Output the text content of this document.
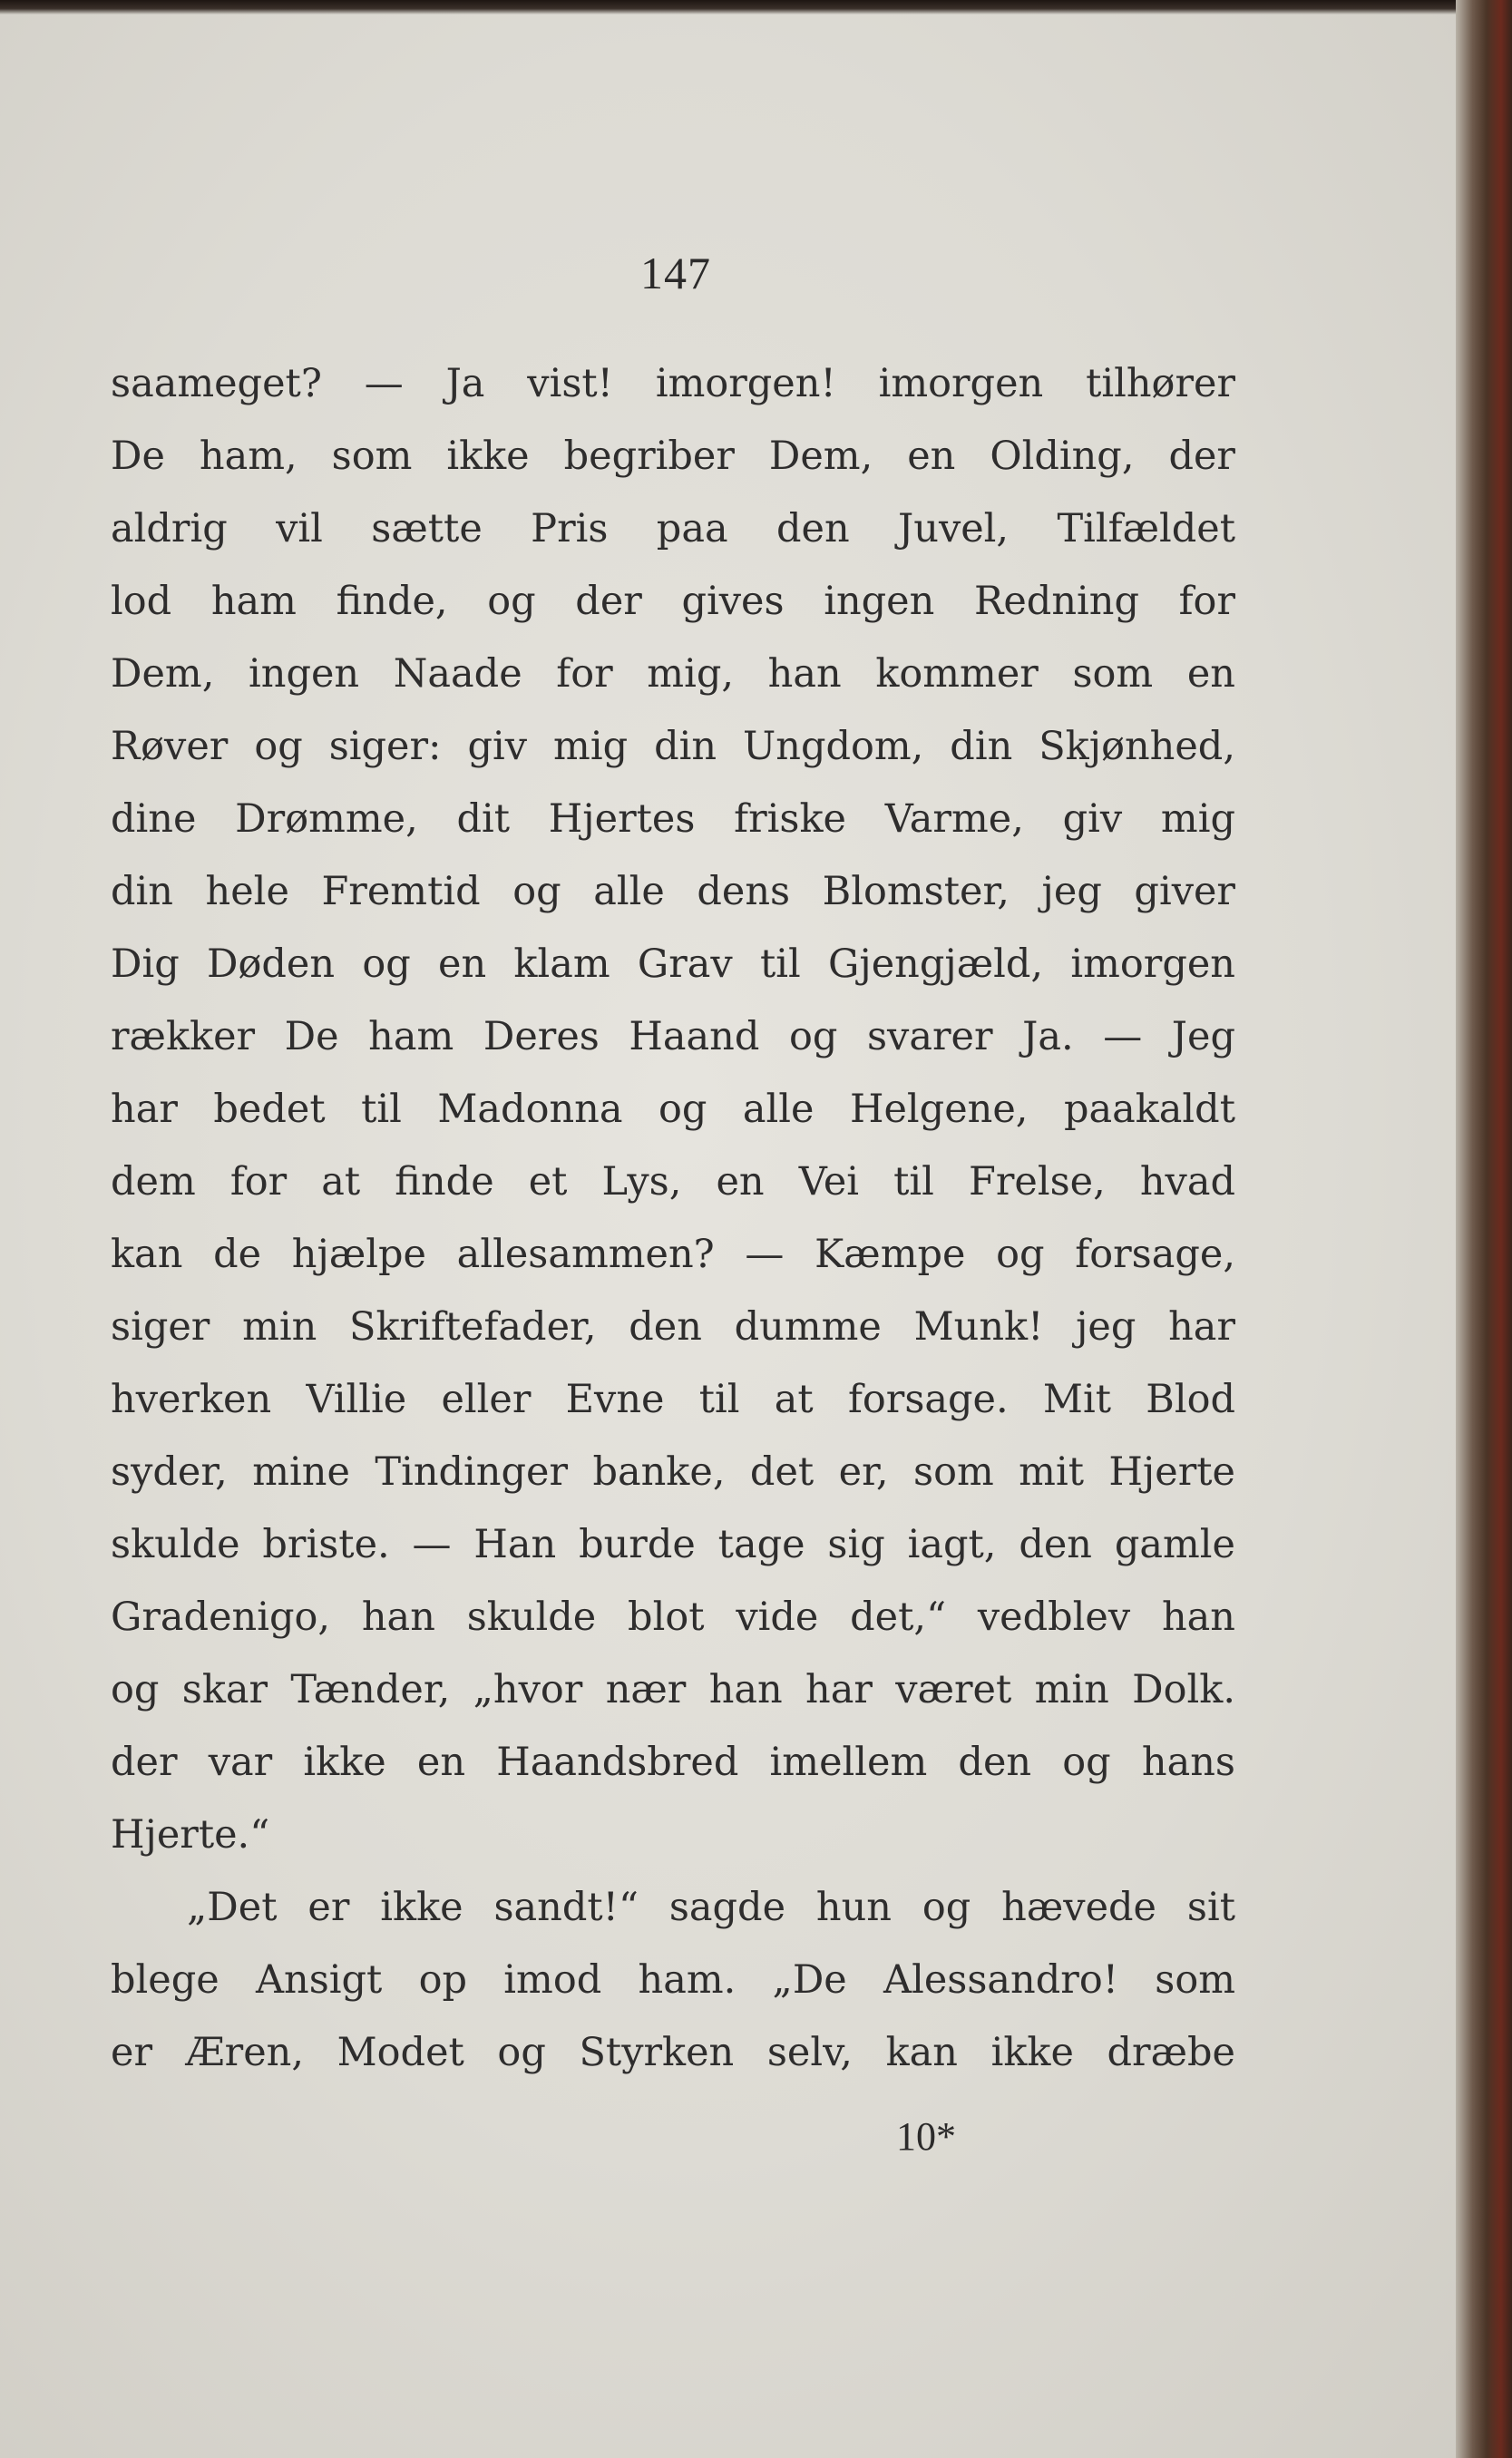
147
saameget? — Ja vist! imorgen! imorgen tilhører
De ham, som ikke begriber Dem, en Olding, der
aldrig vil sætte Pris paa den Juvel, Tilfældet
lod ham finde, og der gives ingen Redning for
Dem, ingen Naade for mig, han kommer som en
Røver og siger: giv mig din Ungdom, din Skjønhed,
dine Drømme, dit Hjertes friske Varme, giv mig
din hele Fremtid og alle dens Blomster, jeg giver
Dig Døden og en klam Grav til Gjengjæld, imorgen
rækker De ham Deres Haand og svarer Ja. — Jeg
har bedet til Madonna og alle Helgene, paakaldt
dem for at finde et Lys, en Vei til Frelse, hvad
kan de hjælpe allesammen? — Kæmpe og forsage,
siger min Skriftefader, den dumme Munk! jeg har
hverken Villie eller Evne til at forsage. Mit Blod
syder, mine Tindinger banke, det er, som mit Hjerte
skulde briste. — Han burde tage sig iagt, den gamle
Gradenigo, han skulde blot vide det,“ vedblev han
og skar Tænder, „hvor nær han har været min Dolk.
der var ikke en Haandsbred imellem den og hans
Hjerte.“
„Det er ikke sandt!“ sagde hun og hævede sit
blege Ansigt op imod ham. „De Alessandro! som
er Æren, Modet og Styrken selv, kan ikke dræbe
10*
